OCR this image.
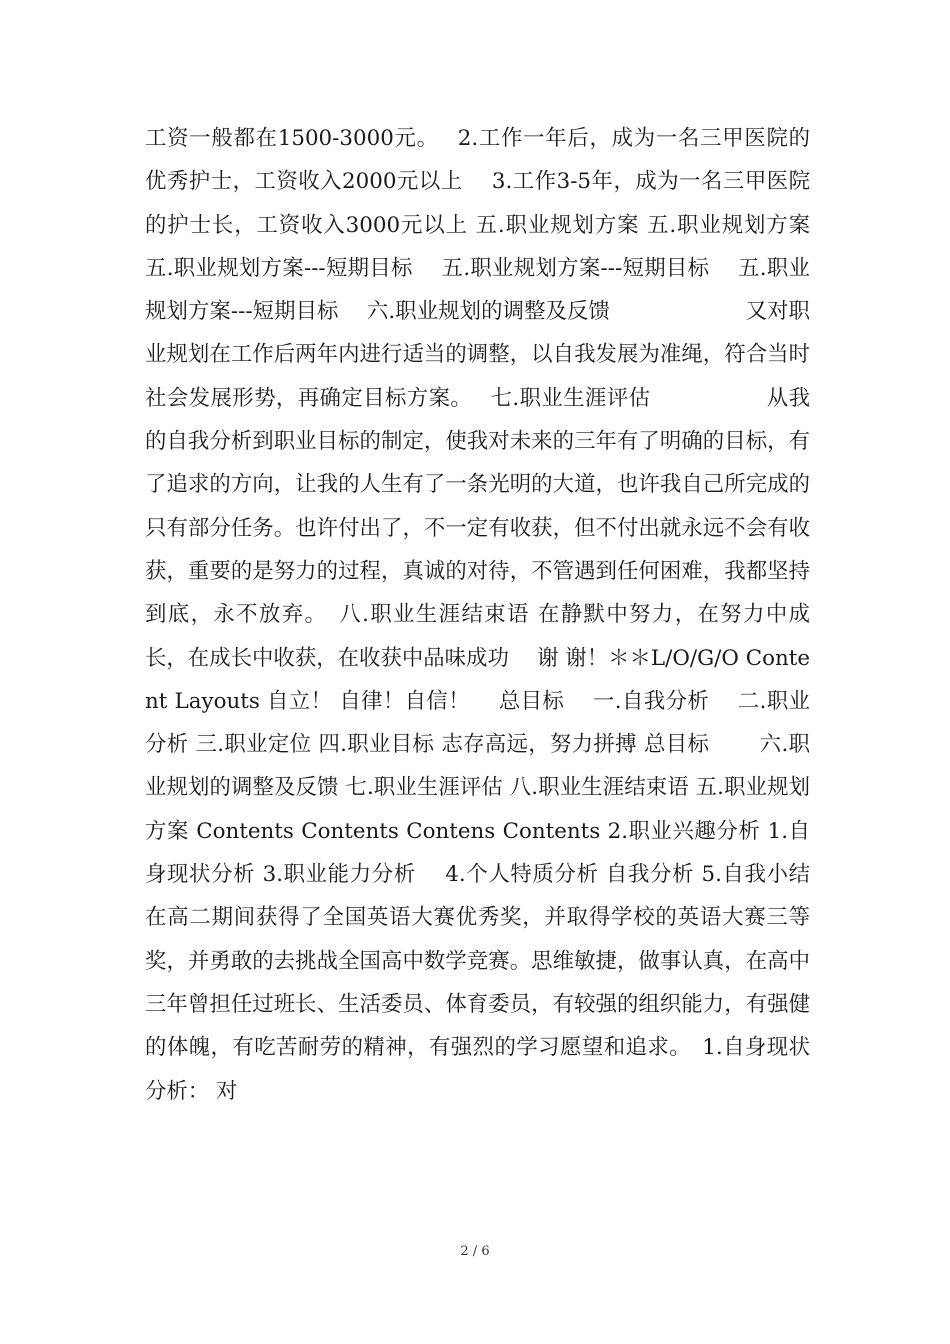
工资一般都在1500-3000元。　 2.工作一年后，成为一名三甲医院的优秀护士，工资收入2000元以上　 3.工作3-5年，成为一名三甲医院的护士长，工资收入3000元以上 五.职业规划方案 五.职业规划方案 五.职业规划方案---短期目标　 五.职业规划方案---短期目标　 五.职业规划方案---短期目标　 六.职业规划的调整及反馈　　　　　　 又对职业规划在工作后两年内进行适当的调整，以自我发展为准绳，符合当时社会发展形势，再确定目标方案。　 七.职业生涯评估　　　　　 从我的自我分析到职业目标的制定，使我对未来的三年有了明确的目标，有了追求的方向，让我的人生有了一条光明的大道，也许我自己所完成的只有部分任务。也许付出了，不一定有收获，但不付出就永远不会有收获，重要的是努力的过程，真诚的对待，不管遇到任何困难，我都坚持到底，永不放弃。　八.职业生涯结束语 在静默中努力，在努力中成长，在成长中收获，在收获中品味成功　 谢 谢！＊＊L/O/G/O Content Layouts 自立！ 自律！自信！　 总目标　 一.自我分析　 二.职业分析 三.职业定位 四.职业目标 志存高远，努力拼搏 总目标　　 六.职业规划的调整及反馈 七.职业生涯评估 八.职业生涯结束语 五.职业规划方案 Contents Contents Contens Contents 2.职业兴趣分析 1.自身现状分析 3.职业能力分析　 4.个人特质分析 自我分析 5.自我小结 在高二期间获得了全国英语大赛优秀奖，并取得学校的英语大赛三等奖，并勇敢的去挑战全国高中数学竞赛。思维敏捷，做事认真，在高中三年曾担任过班长、生活委员、体育委员，有较强的组织能力，有强健的体魄，有吃苦耐劳的精神，有强烈的学习愿望和追求。　1.自身现状分析： 对

2 / 6
